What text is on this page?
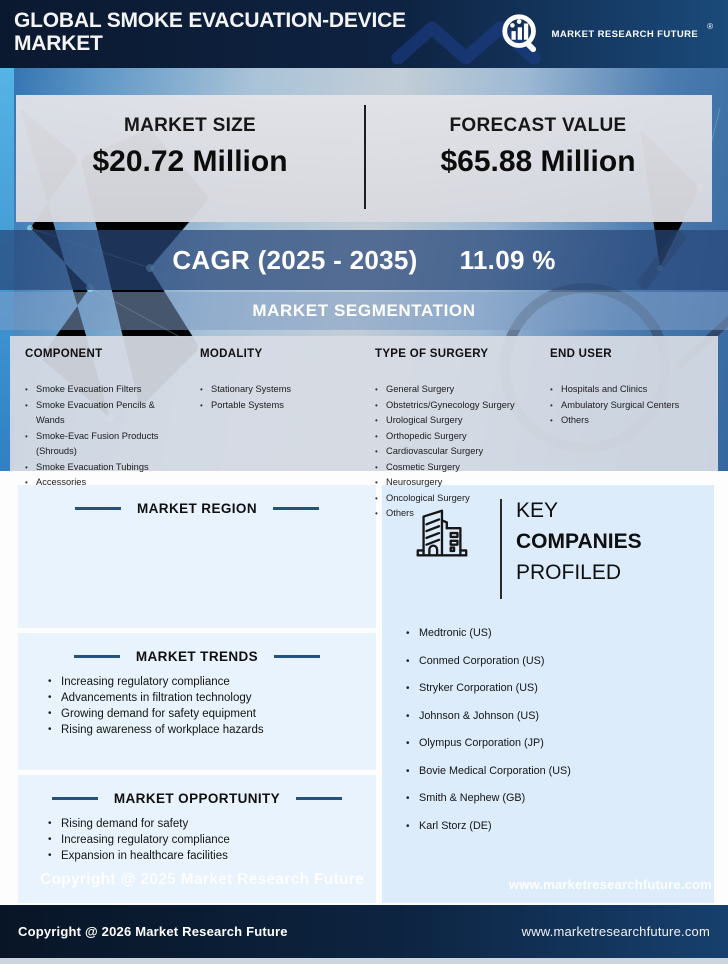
GLOBAL SMOKE EVACUATION-DEVICE
MARKET	MARKET RESEARCH FUTURE
®
MARKET SIZE
$20.72 Million
FORECAST VALUE
$65.88 Million
CAGR (2025 - 2035) 11.09 %
MARKET SEGMENTATION
COMPONENT
• Smoke Evacuation Filters
• Smoke Evacuation Pencils & Wands
• Smoke-Evac Fusion Products (Shrouds)
• Smoke Evacuation Tubings
• Accessories
MODALITY
• Stationary Systems
• Portable Systems
TYPE OF SURGERY
• General Surgery
• Obstetrics/Gynecology Surgery
• Urological Surgery
• Orthopedic Surgery
• Cardiovascular Surgery
• Cosmetic Surgery
• Neurosurgery
• Oncological Surgery
• Others
END USER
• Hospitals and Clinics
• Ambulatory Surgical Centers
• Others
MARKET REGION
MARKET TRENDS
• Increasing regulatory compliance
• Advancements in filtration technology
• Growing demand for safety equipment
• Rising awareness of workplace hazards
MARKET OPPORTUNITY
• Rising demand for safety
• Increasing regulatory compliance
• Expansion in healthcare facilities
KEY
COMPANIES
PROFILED
• Medtronic (US)
• Conmed Corporation (US)
• Stryker Corporation (US)
• Johnson & Johnson (US)
• Olympus Corporation (JP)
• Bovie Medical Corporation (US)
• Smith & Nephew (GB)
• Karl Storz (DE)
Copyright @ 2025 Market Research Future	www.marketresearchfuture.com
Copyright @ 2026 Market Research Future	www.marketresearchfuture.com
